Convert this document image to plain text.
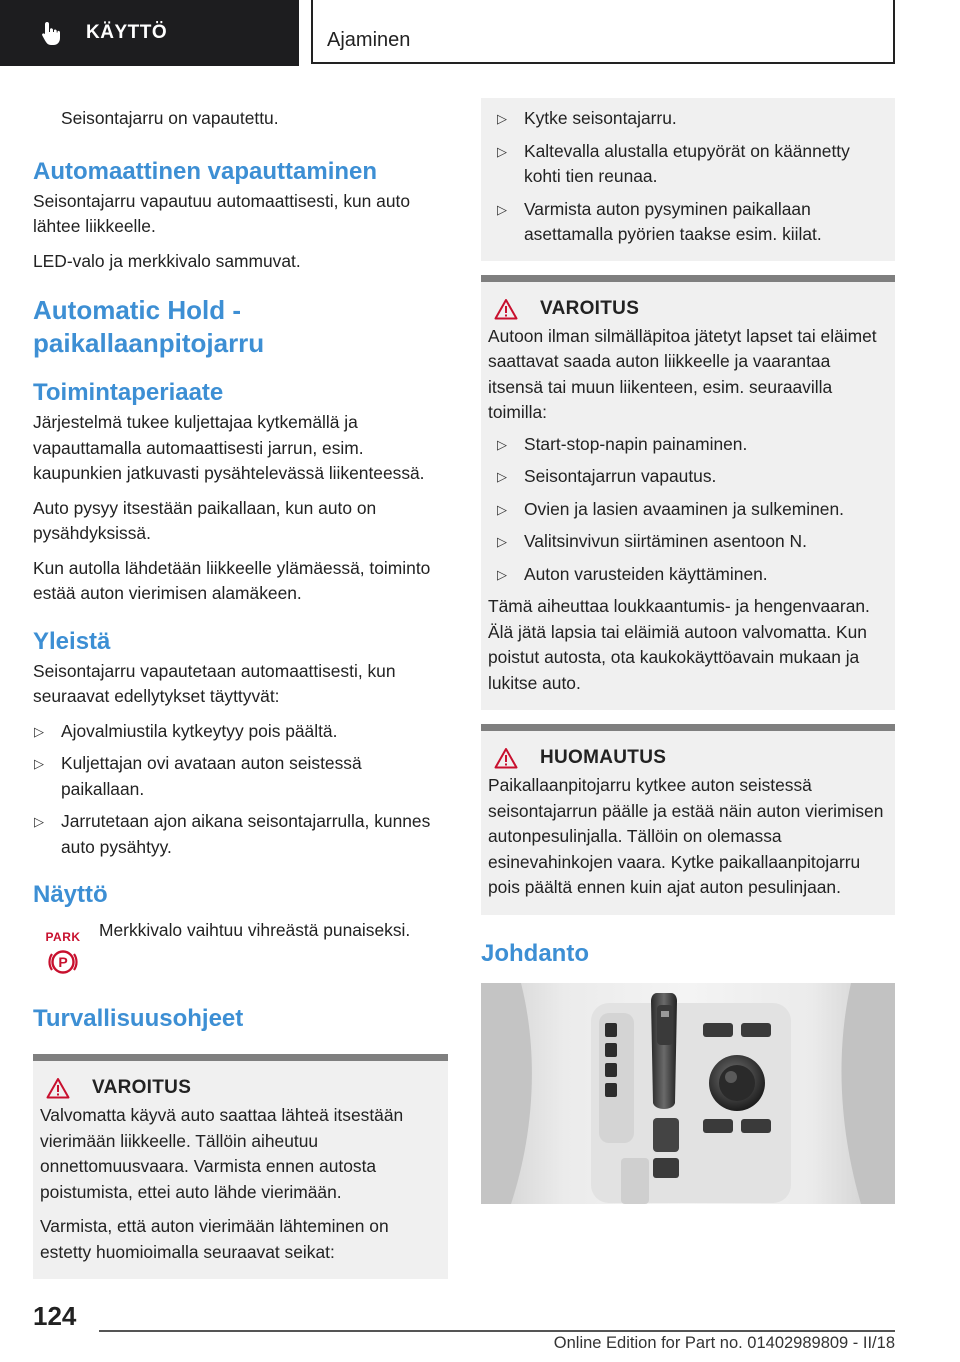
KÄYTTÖ	Ajaminen

Seisontajarru on vapautettu.

Automaattinen vapauttaminen

Seisontajarru vapautuu automaattisesti, kun auto lähtee liikkeelle.

LED-valo ja merkkivalo sammuvat.

Automatic Hold -
paikallaanpitojarru
Toimintaperiaate

Järjestelmä tukee kuljettajaa kytkemällä ja vapauttamalla automaattisesti jarrun, esim. kaupunkien jatkuvasti pysähtelevässä liikenteessä.

Auto pysyy itsestään paikallaan, kun auto on pysähdyksissä.

Kun autolla lähdetään liikkeelle ylämäessä, toiminto estää auton vierimisen alamäkeen.

Yleistä

Seisontajarru vapautetaan automaattisesti, kun seuraavat edellytykset täyttyvät:

▷ Ajovalmiustila kytkeytyy pois päältä.
▷ Kuljettajan ovi avataan auton seistessä paikallaan.
▷ Jarrutetaan ajon aikana seisontajarrulla, kunnes auto pysähtyy.
Näyttö
PARK
P

Merkkivalo vaihtuu vihreästä punaiseksi.

Turvallisuusohjeet
VAROITUS

Valvomatta käyvä auto saattaa lähteä itsestään vierimään liikkeelle. Tällöin aiheutuu onnettomuusvaara. Varmista ennen autosta poistumista, ettei auto lähde vierimään.

Varmista, että auton vierimään lähteminen on estetty huomioimalla seuraavat seikat:

▷ Kytke seisontajarru.
▷ Kaltevalla alustalla etupyörät on käännetty kohti tien reunaa.
▷ Varmista auton pysyminen paikallaan asettamalla pyörien taakse esim. kiilat.
VAROITUS

Autoon ilman silmälläpitoa jätetyt lapset tai eläimet saattavat saada auton liikkeelle ja vaarantaa itsensä tai muun liikenteen, esim. seuraavilla toimilla:

▷ Start-stop-napin painaminen.
▷ Seisontajarrun vapautus.
▷ Ovien ja lasien avaaminen ja sulkeminen.
▷ Valitsinvivun siirtäminen asentoon N.
▷ Auton varusteiden käyttäminen.

Tämä aiheuttaa loukkaantumis- ja hengenvaaran. Älä jätä lapsia tai eläimiä autoon valvomatta. Kun poistut autosta, ota kaukokäyttöavain mukaan ja lukitse auto.

HUOMAUTUS

Paikallaanpitojarru kytkee auton seistessä seisontajarrun päälle ja estää näin auton vierimisen autonpesulinjalla. Tällöin on olemassa esinevahinkojen vaara. Kytke paikallaanpitojarru pois päältä ennen kuin ajat auton pesulinjaan.

Johdanto
124
Online Edition for Part no. 01402989809 - II/18
